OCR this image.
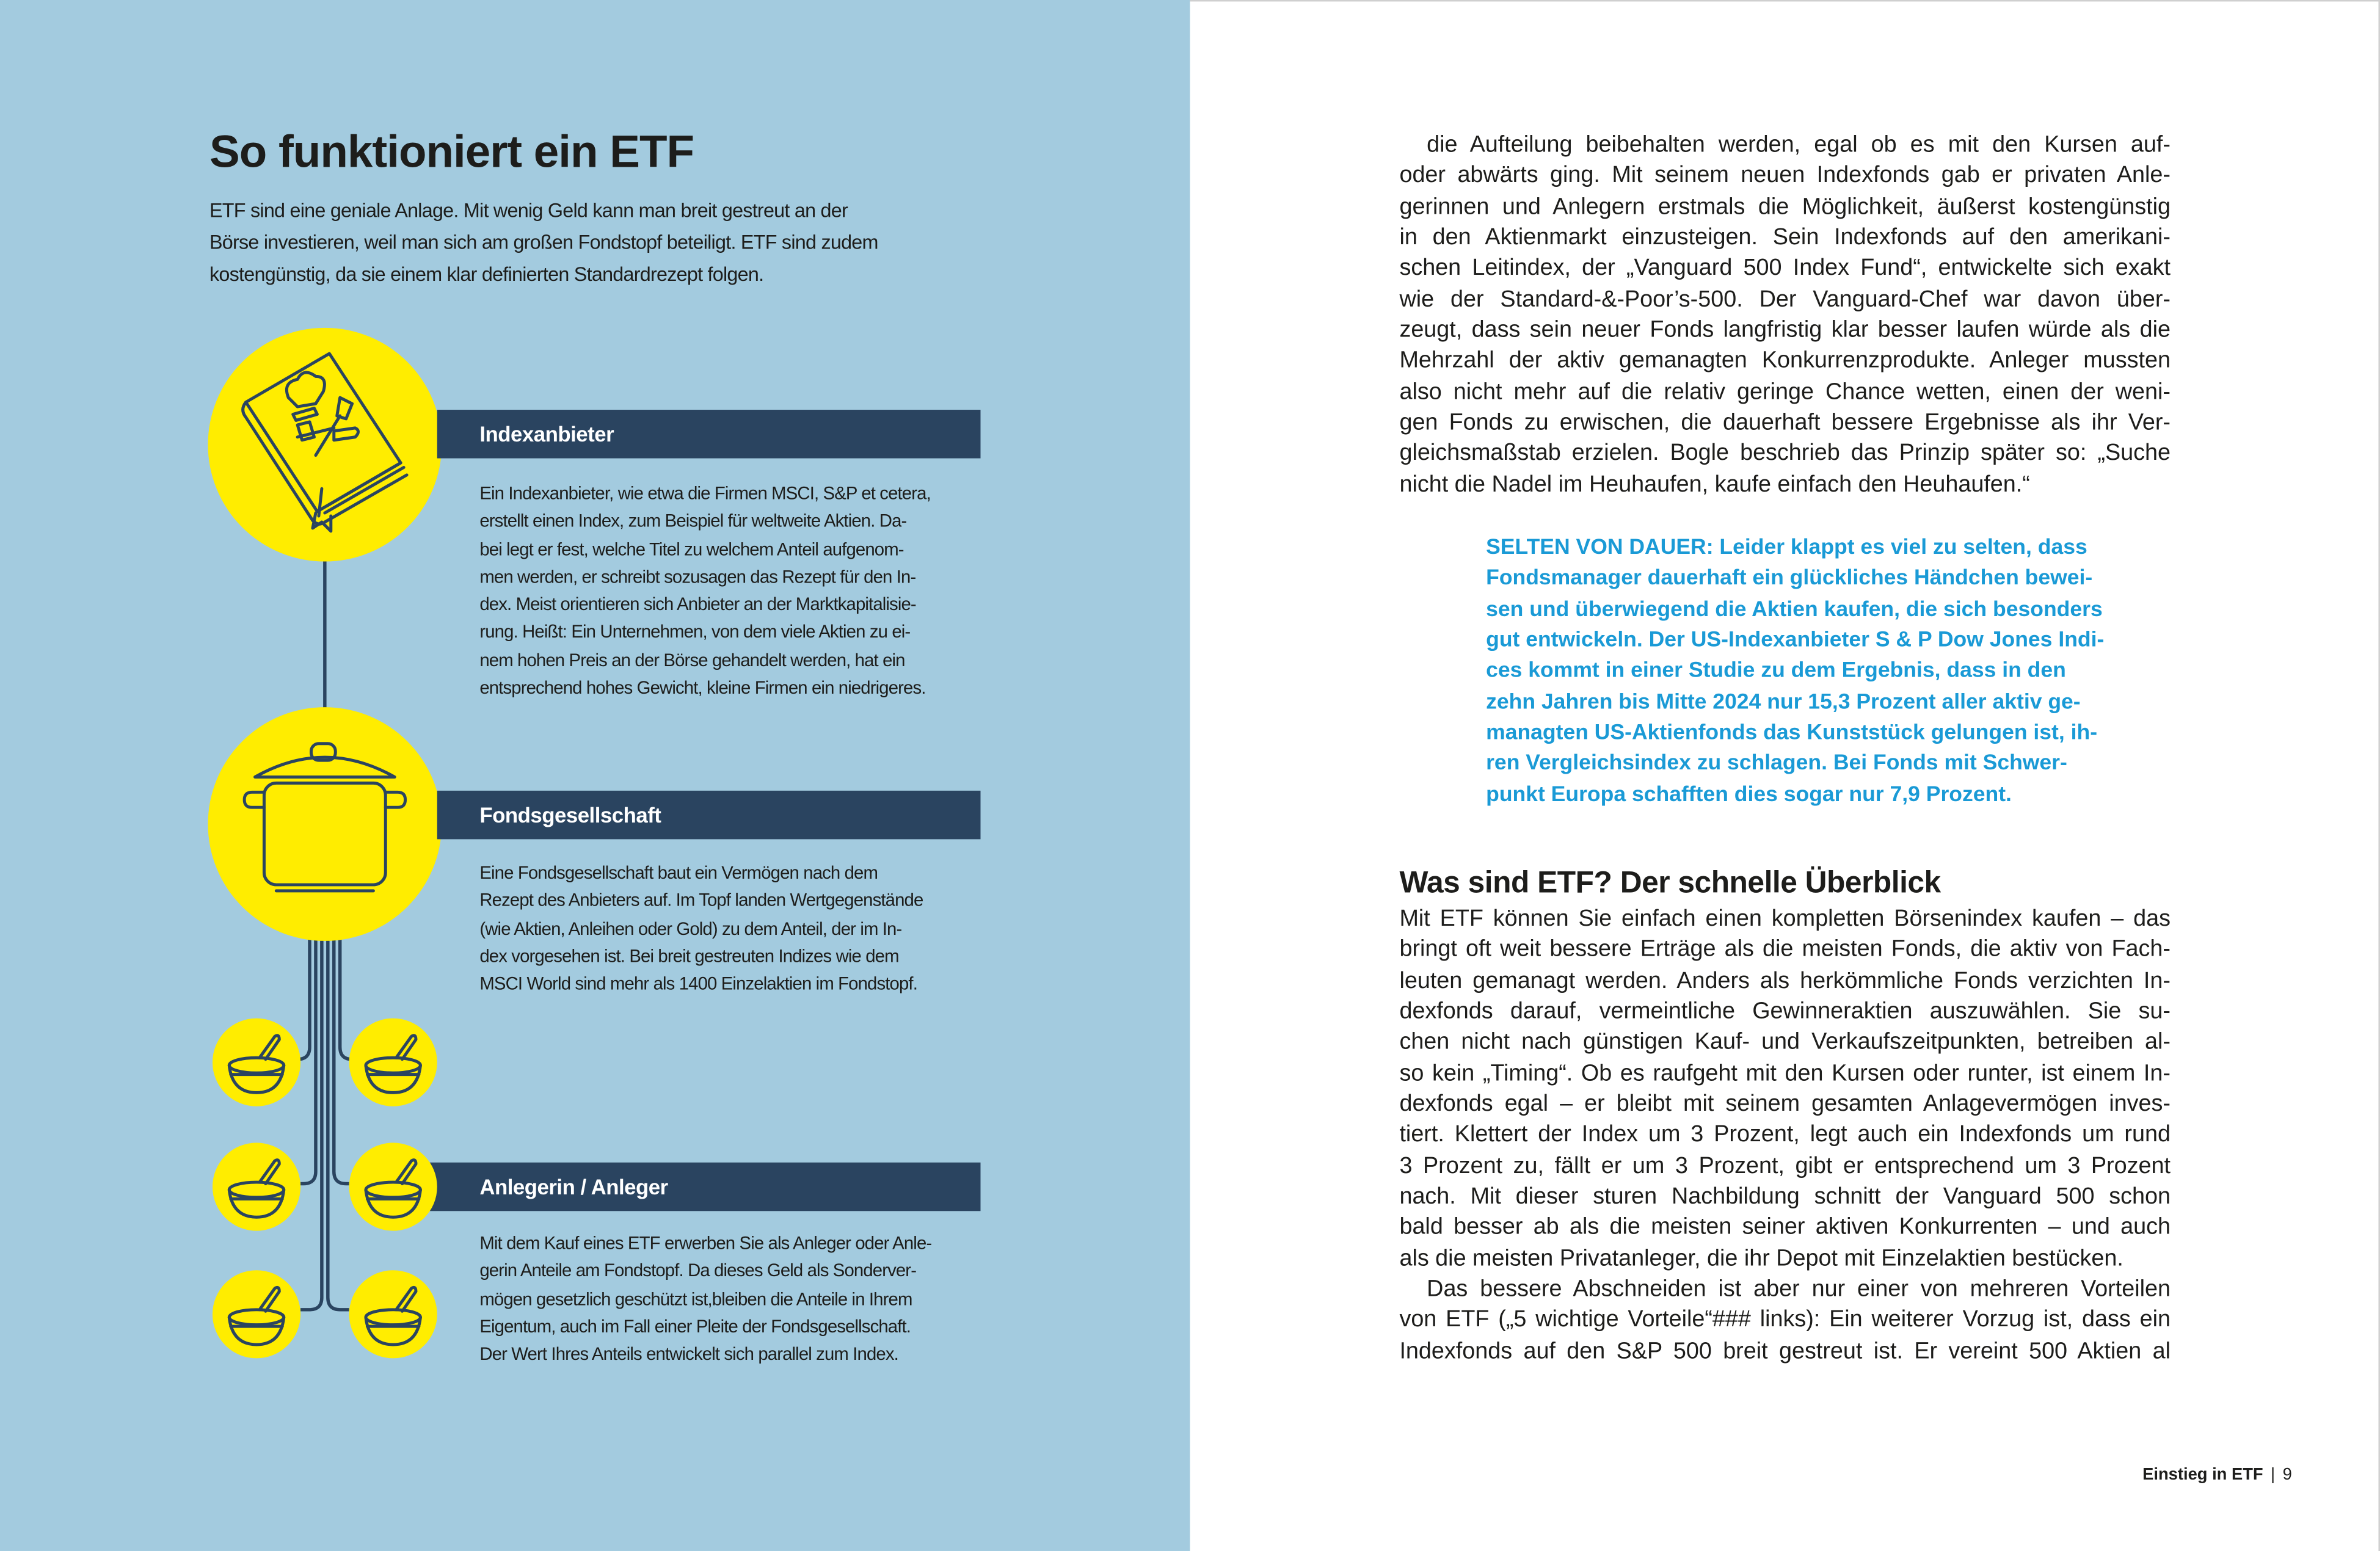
So funktioniert ein ETF
ETF sind eine geniale Anlage. Mit wenig Geld kann man breit gestreut an der
Börse investieren, weil man sich am großen Fondstopf beteiligt. ETF sind zudem
kostengünstig, da sie einem klar definierten Standardrezept folgen.
Indexanbieter
Fondsgesellschaft
Anlegerin / Anleger
Ein Indexanbieter, wie etwa die Firmen MSCI, S&P et cetera,
erstellt einen Index, zum Beispiel für weltweite Aktien. Da-
bei legt er fest, welche Titel zu welchem Anteil aufgenom-
men werden, er schreibt sozusagen das Rezept für den In-
dex. Meist orientieren sich Anbieter an der Marktkapitalisie-
rung. Heißt: Ein Unternehmen, von dem viele Aktien zu ei-
nem hohen Preis an der Börse gehandelt werden, hat ein
entsprechend hohes Gewicht, kleine Firmen ein niedrigeres.
Eine Fondsgesellschaft baut ein Vermögen nach dem
Rezept des Anbieters auf. Im Topf landen Wertgegenstände
(wie Aktien, Anleihen oder Gold) zu dem Anteil, der im In-
dex vorgesehen ist. Bei breit gestreuten Indizes wie dem
MSCI World sind mehr als 1400 Einzelaktien im Fondstopf.
Mit dem Kauf eines ETF erwerben Sie als Anleger oder Anle-
gerin Anteile am Fondstopf. Da dieses Geld als Sonderver-
mögen gesetzlich geschützt ist,bleiben die Anteile in Ihrem
Eigentum, auch im Fall einer Pleite der Fondsgesellschaft.
Der Wert Ihres Anteils entwickelt sich parallel zum Index.
die Aufteilung beibehalten werden, egal ob es mit den Kursen auf-
oder abwärts ging. Mit seinem neuen Indexfonds gab er privaten Anle-
gerinnen und Anlegern erstmals die Möglichkeit, äußerst kostengünstig
in den Aktienmarkt einzusteigen. Sein Indexfonds auf den amerikani-
schen Leitindex, der „Vanguard 500 Index Fund“, entwickelte sich exakt
wie der Standard-&-Poor’s-500. Der Vanguard-Chef war davon über-
zeugt, dass sein neuer Fonds langfristig klar besser laufen würde als die
Mehrzahl der aktiv gemanagten Konkurrenzprodukte. Anleger mussten
also nicht mehr auf die relativ geringe Chance wetten, einen der weni-
gen Fonds zu erwischen, die dauerhaft bessere Ergebnisse als ihr Ver-
gleichsmaßstab erzielen. Bogle beschrieb das Prinzip später so: „Suche
nicht die Nadel im Heuhaufen, kaufe einfach den Heuhaufen.“
SELTEN VON DAUER: Leider klappt es viel zu selten, dass
Fondsmanager dauerhaft ein glückliches Händchen bewei-
sen und überwiegend die Aktien kaufen, die sich besonders
gut entwickeln. Der US-Indexanbieter S & P Dow Jones Indi-
ces kommt in einer Studie zu dem Ergebnis, dass in den
zehn Jahren bis Mitte 2024 nur 15,3 Prozent aller aktiv ge-
managten US-Aktienfonds das Kunststück gelungen ist, ih-
ren Vergleichsindex zu schlagen. Bei Fonds mit Schwer-
punkt Europa schafften dies sogar nur 7,9 Prozent.
Was sind ETF? Der schnelle Überblick
Mit ETF können Sie einfach einen kompletten Börsenindex kaufen – das
bringt oft weit bessere Erträge als die meisten Fonds, die aktiv von Fach-
leuten gemanagt werden. Anders als herkömmliche Fonds verzichten In-
dexfonds darauf, vermeintliche Gewinneraktien auszuwählen. Sie su-
chen nicht nach günstigen Kauf- und Verkaufszeitpunkten, betreiben al-
so kein „Timing“. Ob es raufgeht mit den Kursen oder runter, ist einem In-
dexfonds egal – er bleibt mit seinem gesamten Anlagevermögen inves-
tiert. Klettert der Index um 3 Prozent, legt auch ein Indexfonds um rund
3 Prozent zu, fällt er um 3 Prozent, gibt er entsprechend um 3 Prozent
nach. Mit dieser sturen Nachbildung schnitt der Vanguard 500 schon
bald besser ab als die meisten seiner aktiven Konkurrenten – und auch
als die meisten Privatanleger, die ihr Depot mit Einzelaktien bestücken.
Das bessere Abschneiden ist aber nur einer von mehreren Vorteilen
von ETF („5 wichtige Vorteile“### links): Ein weiterer Vorzug ist, dass ein
Indexfonds auf den S&P 500 breit gestreut ist. Er vereint 500 Aktien al
Einstieg in ETF | 9
